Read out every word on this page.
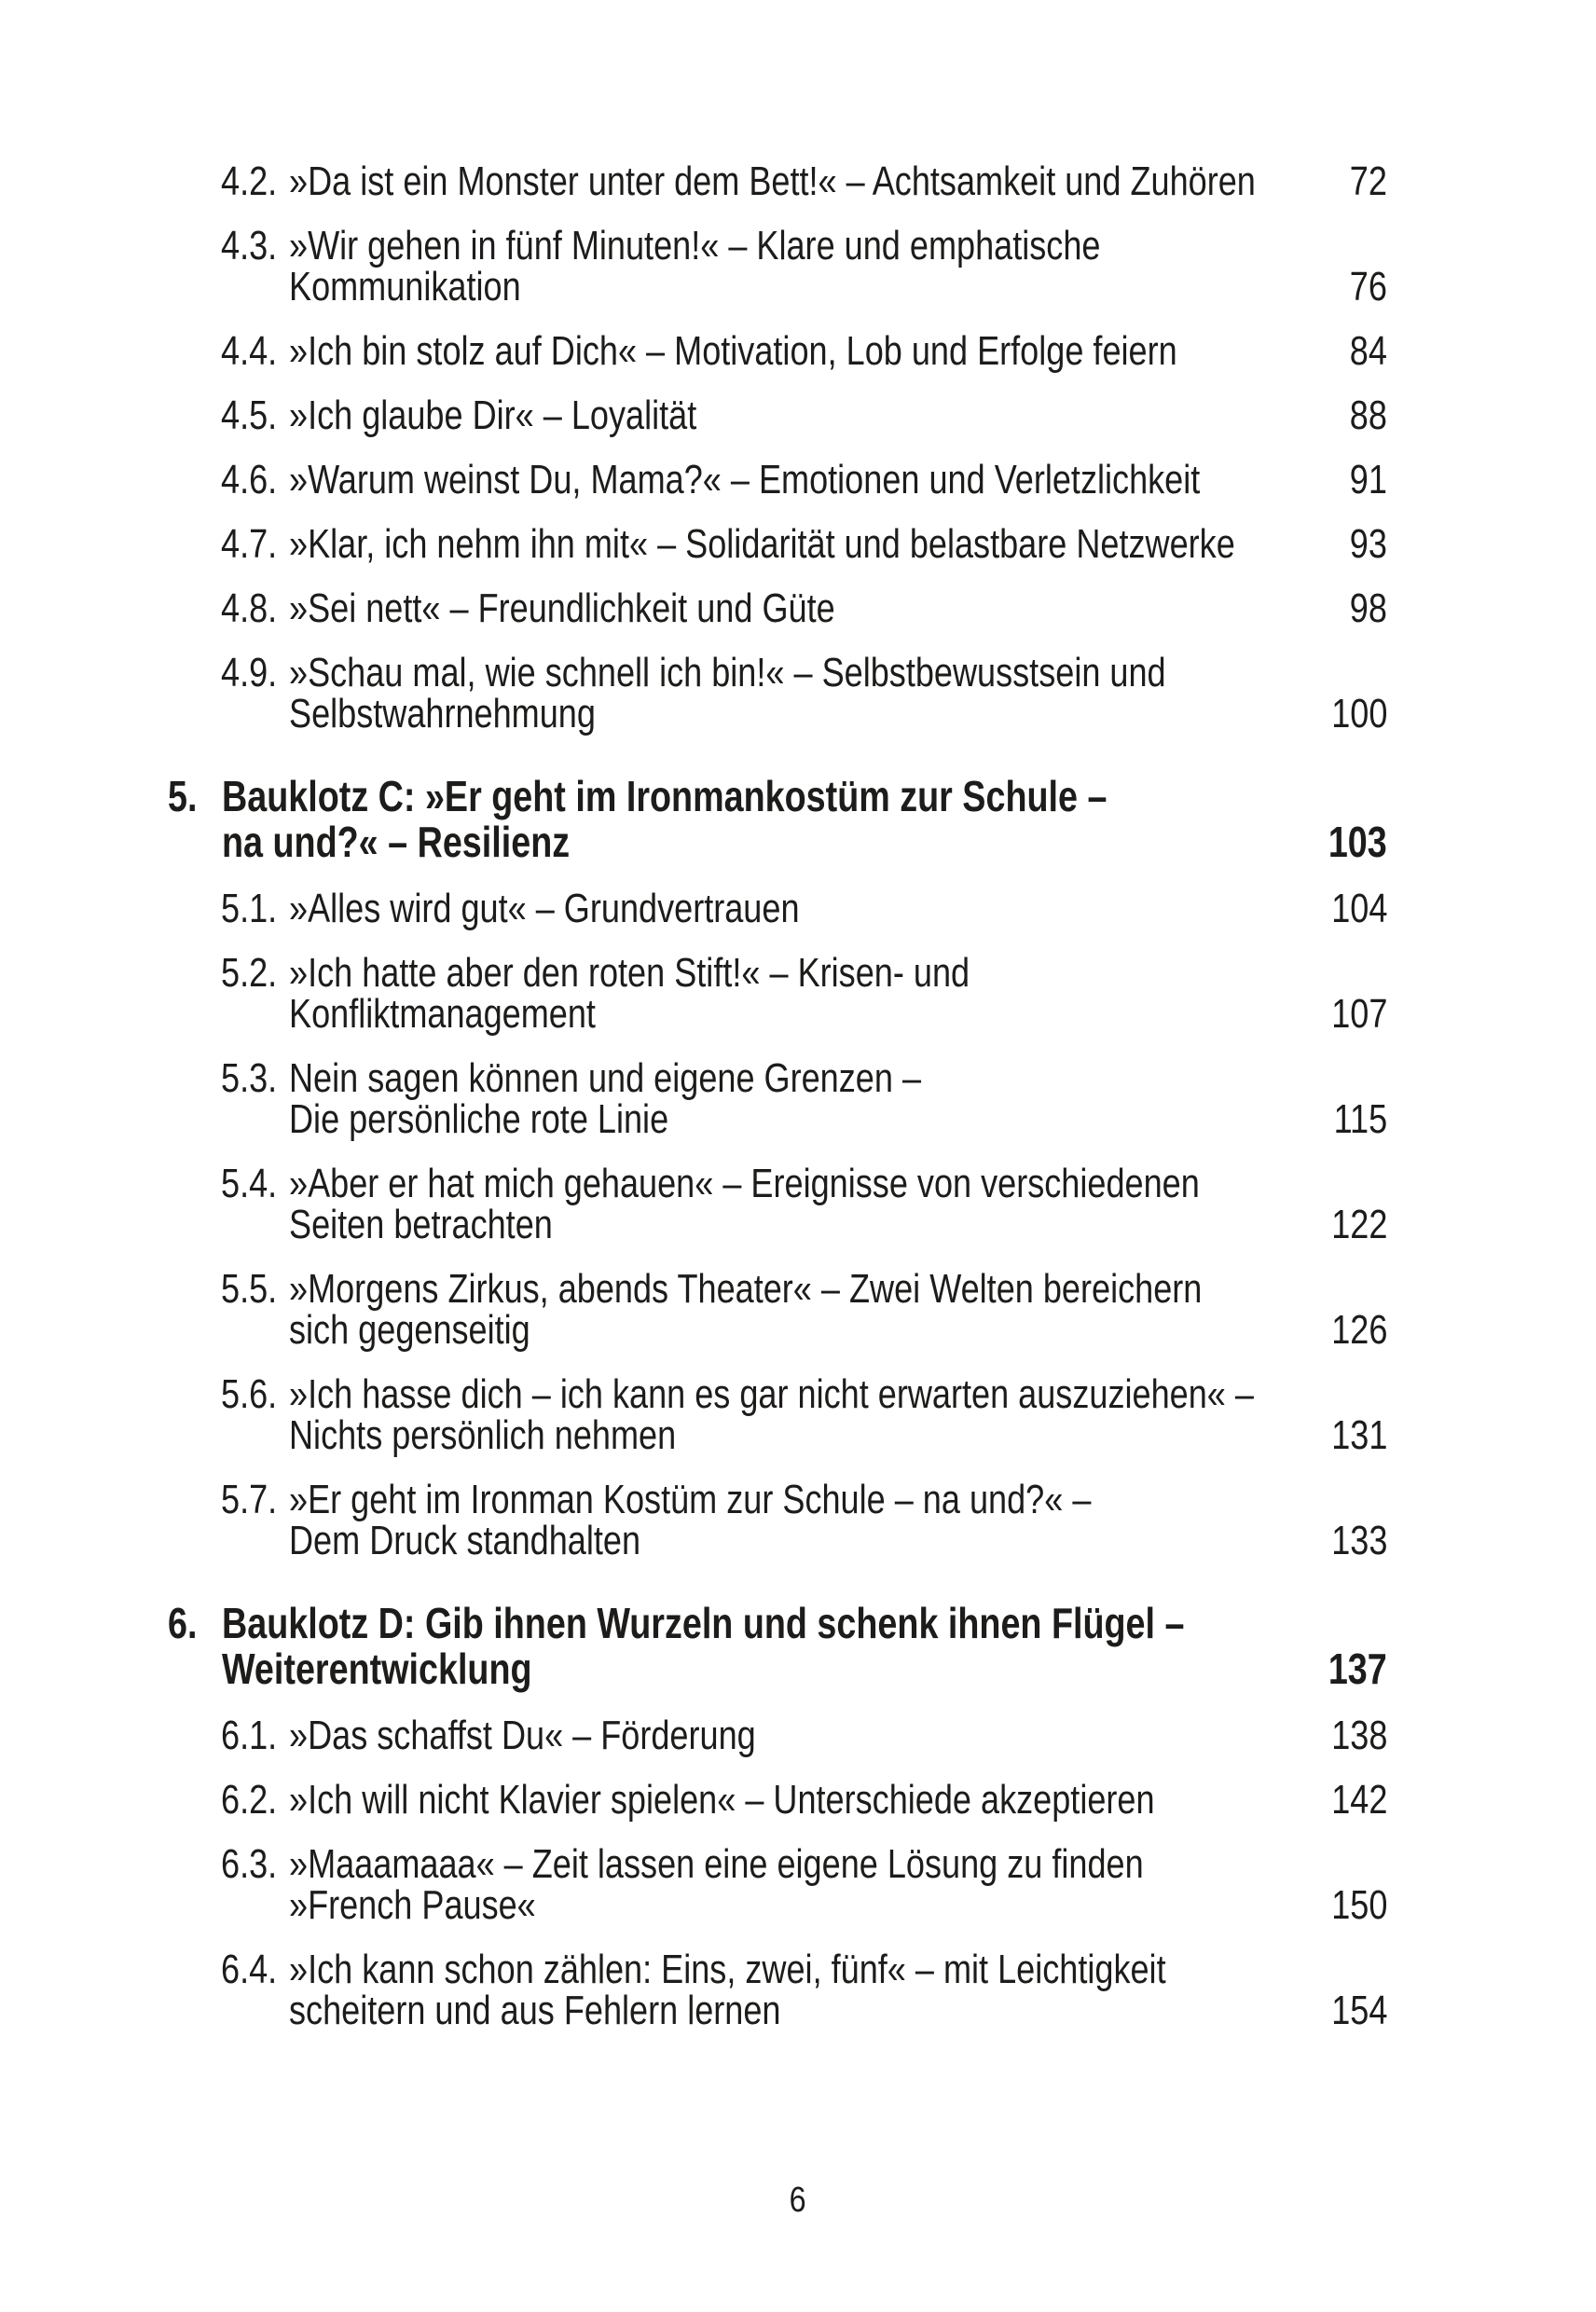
4.2. »Da ist ein Monster unter dem Bett!« – Achtsamkeit und Zuhören 72
4.3. »Wir gehen in fünf Minuten!« – Klare und emphatische
Kommunikation	76
4.4. »Ich bin stolz auf Dich« – Motivation, Lob und Erfolge feiern	84
4.5. »Ich glaube Dir« – Loyalität	88
4.6. »Warum weinst Du, Mama?« – Emotionen und Verletzlichkeit	91
4.7. »Klar, ich nehm ihn mit« – Solidarität und belastbare Netzwerke	93
4.8. »Sei nett« – Freundlichkeit und Güte	98
4.9. »Schau mal, wie schnell ich bin!« – Selbstbewusstsein und
Selbstwahrnehmung	100
5. Bauklotz C: »Er geht im Ironmankostüm zur Schule –
na und?« – Resilienz	103
5.1. »Alles wird gut« – Grundvertrauen	104
5.2. »Ich hatte aber den roten Stift!« – Krisen- und
Konfliktmanagement	107
5.3. Nein sagen können und eigene Grenzen –
Die persönliche rote Linie	115
5.4. »Aber er hat mich gehauen« – Ereignisse von verschiedenen
Seiten betrachten	122
5.5. »Morgens Zirkus, abends Theater« – Zwei Welten bereichern
sich gegenseitig	126
5.6. »Ich hasse dich – ich kann es gar nicht erwarten auszuziehen« –
Nichts persönlich nehmen	131
5.7. »Er geht im Ironman Kostüm zur Schule – na und?« –
Dem Druck standhalten	133
6. Bauklotz D: Gib ihnen Wurzeln und schenk ihnen Flügel –
Weiterentwicklung	137
6.1. »Das schaffst Du« – Förderung	138
6.2. »Ich will nicht Klavier spielen« – Unterschiede akzeptieren	142
6.3. »Maaamaaa« – Zeit lassen eine eigene Lösung zu finden
»French Pause«	150
6.4. »Ich kann schon zählen: Eins, zwei, fünf« – mit Leichtigkeit
scheitern und aus Fehlern lernen	154
6
